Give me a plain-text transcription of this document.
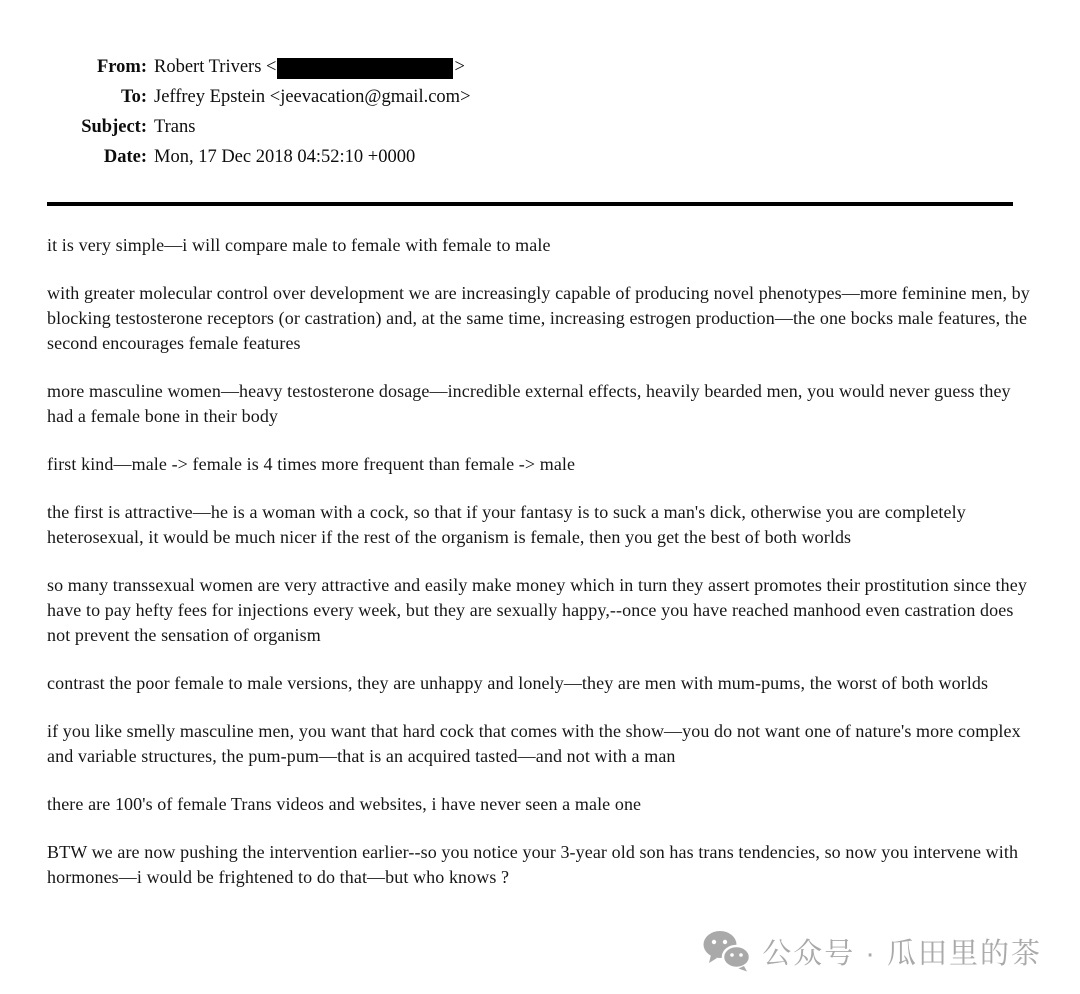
From: Robert Trivers <	>
To: Jeffrey Epstein <jeevacation@gmail.com>
Subject: Trans
Date: Mon, 17 Dec 2018 04:52:10 +0000

it is very simple—i will compare male to female with female to male

with greater molecular control over development we are increasingly capable of producing novel phenotypes—more feminine men, by blocking testosterone receptors (or castration) and, at the same time, increasing estrogen production—the one bocks male features, the second encourages female features

more masculine women—heavy testosterone dosage—incredible external effects, heavily bearded men, you would never guess they had a female bone in their body

first kind—male -> female is 4 times more frequent than female -> male

the first is attractive—he is a woman with a cock, so that if your fantasy is to suck a man's dick, otherwise you are completely heterosexual, it would be much nicer if the rest of the organism is female, then you get the best of both worlds

so many transsexual women are very attractive and easily make money which in turn they assert promotes their prostitution since they have to pay hefty fees for injections every week, but they are sexually happy,--once you have reached manhood even castration does not prevent the sensation of organism

contrast the poor female to male versions, they are unhappy and lonely—they are men with mum-pums, the worst of both worlds

if you like smelly masculine men, you want that hard cock that comes with the show—you do not want one of nature's more complex and variable structures, the pum-pum—that is an acquired tasted—and not with a man

there are 100's of female Trans videos and websites, i have never seen a male one

BTW we are now pushing the intervention earlier--so you notice your 3-year old son has trans tendencies, so now you intervene with hormones—i would be frightened to do that—but who knows ?

公众号 · 瓜田里的茶
